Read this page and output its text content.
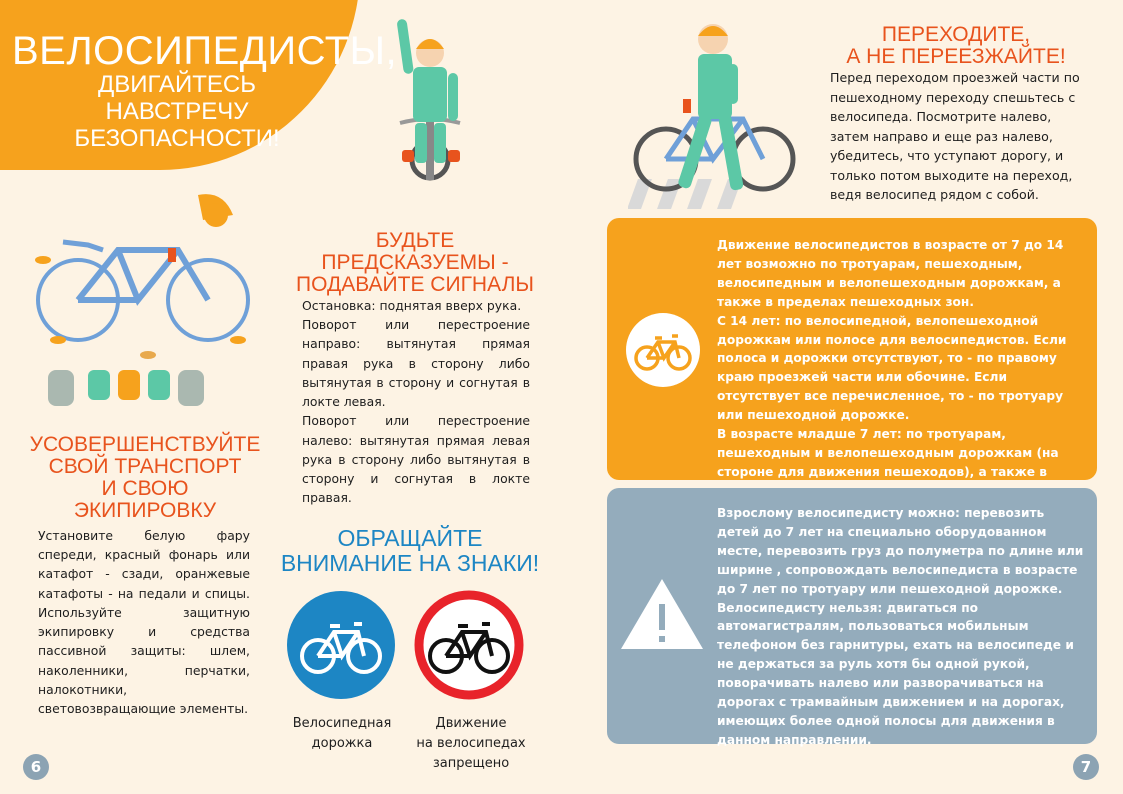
ВЕЛОСИПЕДИСТЫ,
ДВИГАЙТЕСЬ
НАВСТРЕЧУ
БЕЗОПАСНОСТИ!
БУДЬТЕ
ПРЕДСКАЗУЕМЫ -
ПОДАВАЙТЕ СИГНАЛЫ

Остановка: поднятая вверх рука.

Поворот или перестроение направо: вытянутая прямая правая рука в сторону либо вытянутая в сторону и согнутая в локте левая.

Поворот или перестроение налево: вытянутая прямая левая рука в сторону либо вытянутая в сторону и согнутая в локте правая.

УСОВЕРШЕНСТВУЙТЕ
СВОЙ ТРАНСПОРТ
И СВОЮ
ЭКИПИРОВКУ
Установите белую фару спереди, красный фонарь или катафот - сзади, оранжевые катафоты - на педали и спицы. Используйте защитную экипировку и средства пассивной защиты: шлем, наколенники, перчатки, налокотники, световозвращающие элементы.
ОБРАЩАЙТЕ
ВНИМАНИЕ НА ЗНАКИ!
Велосипедная
дорожка
Движение
на велосипедах
запрещено
6
ПЕРЕХОДИТЕ,
А НЕ ПЕРЕЕЗЖАЙТЕ!
Перед переходом проезжей части по пешеходному переходу спешьтесь с велосипеда. Посмотрите налево, затем направо и еще раз налево, убедитесь, что уступают дорогу, и только потом выходите на переход, ведя велосипед рядом с собой.

Движение велосипедистов в возрасте от 7 до 14 лет возможно по тротуарам, пешеходным, велосипедным и велопешеходным дорожкам, а также в пределах пешеходных зон.

С 14 лет: по велосипедной, велопешеходной дорожкам или полосе для велосипедистов. Если полоса и дорожки отсутствуют, то - по правому краю проезжей части или обочине. Если отсутствует все перечисленное, то - по тротуару или пешеходной дорожке.

В возрасте младше 7 лет: по тротуарам, пешеходным и велопешеходным дорожкам (на стороне для движения пешеходов), а также в

Взрослому велосипедисту можно: перевозить детей до 7 лет на специально оборудованном месте, перевозить груз до полуметра по длине или ширине , сопровождать велосипедиста в возрасте до 7 лет по тротуару или пешеходной дорожке.

Велосипедисту нельзя: двигаться по автомагистралям, пользоваться мобильным телефоном без гарнитуры, ехать на велосипеде и не держаться за руль хотя бы одной рукой, поворачивать налево или разворачиваться на дорогах с трамвайным движением и на дорогах, имеющих более одной полосы для движения в данном направлении.

7
